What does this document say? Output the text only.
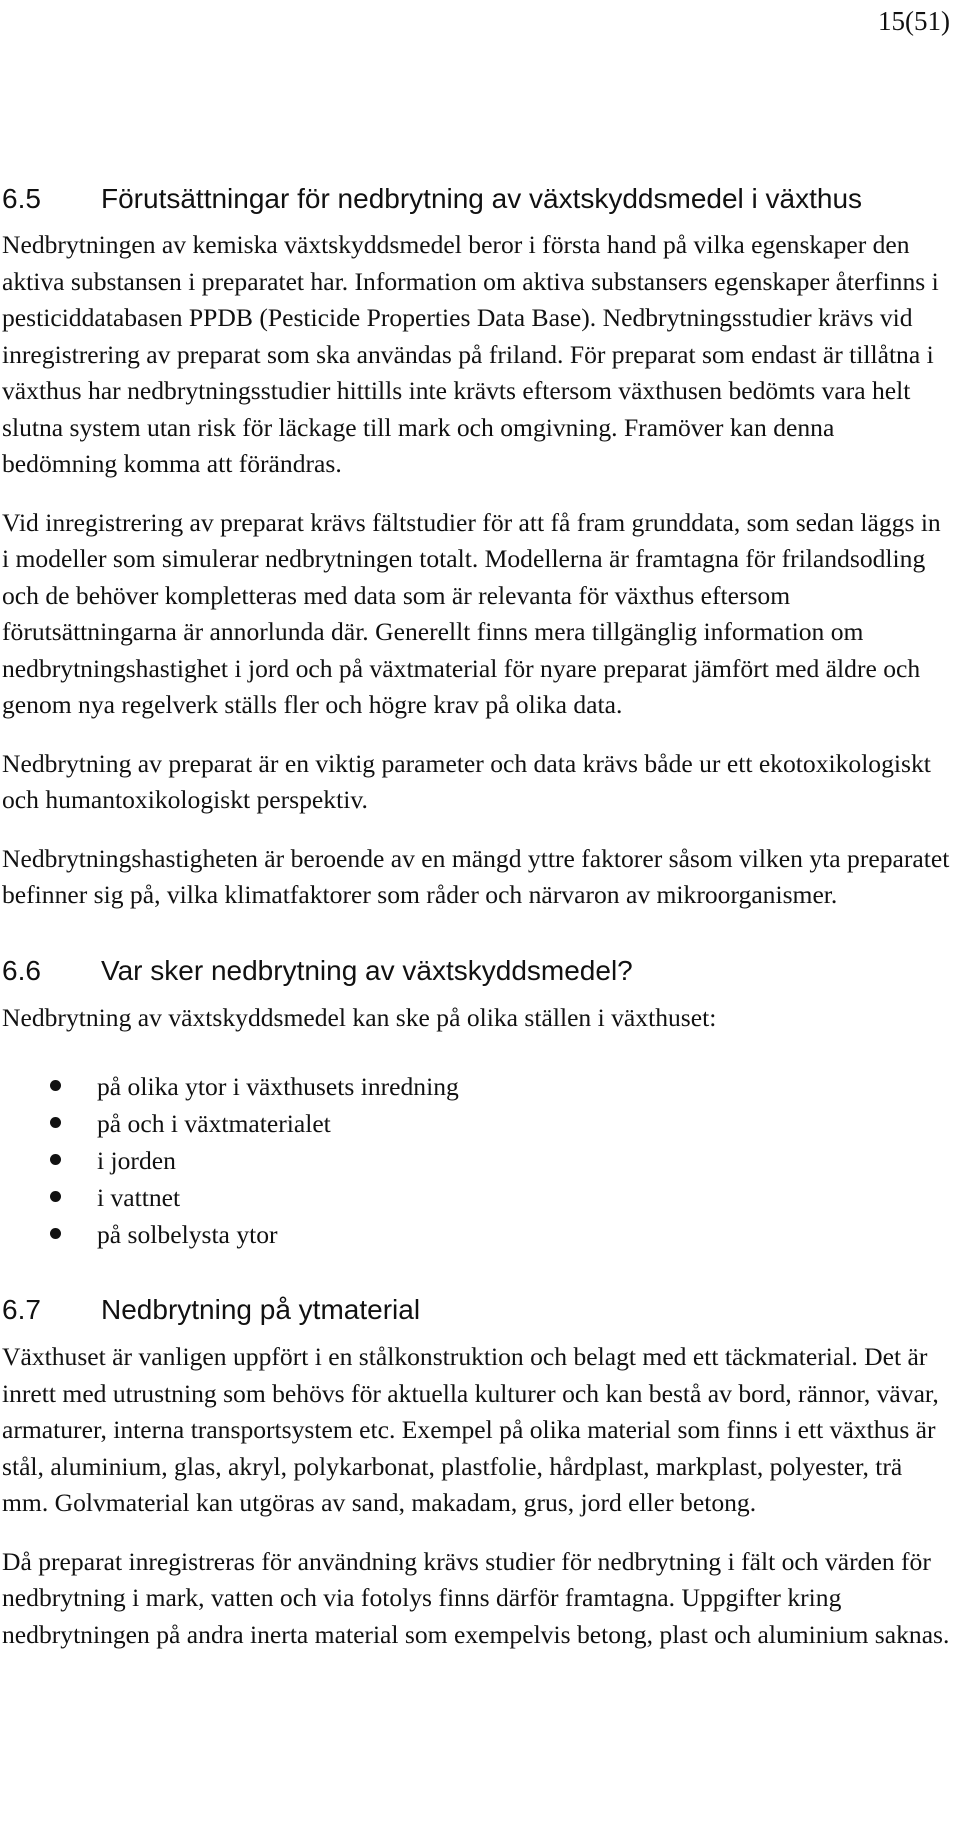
15(51)
6.5 Förutsättningar för nedbrytning av växtskyddsmedel i växthus

Nedbrytningen av kemiska växtskyddsmedel beror i första hand på vilka egenskaper den aktiva substansen i preparatet har. Information om aktiva substansers egenskaper återfinns i pesticiddatabasen PPDB (Pesticide Properties Data Base). Nedbrytningsstudier krävs vid inregistrering av preparat som ska användas på friland. För preparat som endast är tillåtna i växthus har nedbrytningsstudier hittills inte krävts eftersom växthusen bedömts vara helt slutna system utan risk för läckage till mark och omgivning. Framöver kan denna bedömning komma att förändras.

Vid inregistrering av preparat krävs fältstudier för att få fram grunddata, som sedan läggs in i modeller som simulerar nedbrytningen totalt. Modellerna är framtagna för frilandsodling och de behöver kompletteras med data som är relevanta för växthus eftersom förutsättningarna är annorlunda där. Generellt finns mera tillgänglig information om nedbrytningshastighet i jord och på växtmaterial för nyare preparat jämfört med äldre och genom nya regelverk ställs fler och högre krav på olika data.

Nedbrytning av preparat är en viktig parameter och data krävs både ur ett ekotoxikologiskt och humantoxikologiskt perspektiv.

Nedbrytningshastigheten är beroende av en mängd yttre faktorer såsom vilken yta preparatet befinner sig på, vilka klimatfaktorer som råder och närvaron av mikroorganismer.

6.6 Var sker nedbrytning av växtskyddsmedel?

Nedbrytning av växtskyddsmedel kan ske på olika ställen i växthuset:

på olika ytor i växthusets inredning
på och i växtmaterialet
i jorden
i vattnet
på solbelysta ytor
6.7 Nedbrytning på ytmaterial

Växthuset är vanligen uppfört i en stålkonstruktion och belagt med ett täckmaterial. Det är inrett med utrustning som behövs för aktuella kulturer och kan bestå av bord, rännor, vävar, armaturer, interna transportsystem etc. Exempel på olika material som finns i ett växthus är stål, aluminium, glas, akryl, polykarbonat, plastfolie, hårdplast, markplast, polyester, trä mm. Golvmaterial kan utgöras av sand, makadam, grus, jord eller betong.

Då preparat inregistreras för användning krävs studier för nedbrytning i fält och värden för nedbrytning i mark, vatten och via fotolys finns därför framtagna. Uppgifter kring nedbrytningen på andra inerta material som exempelvis betong, plast och aluminium saknas.
